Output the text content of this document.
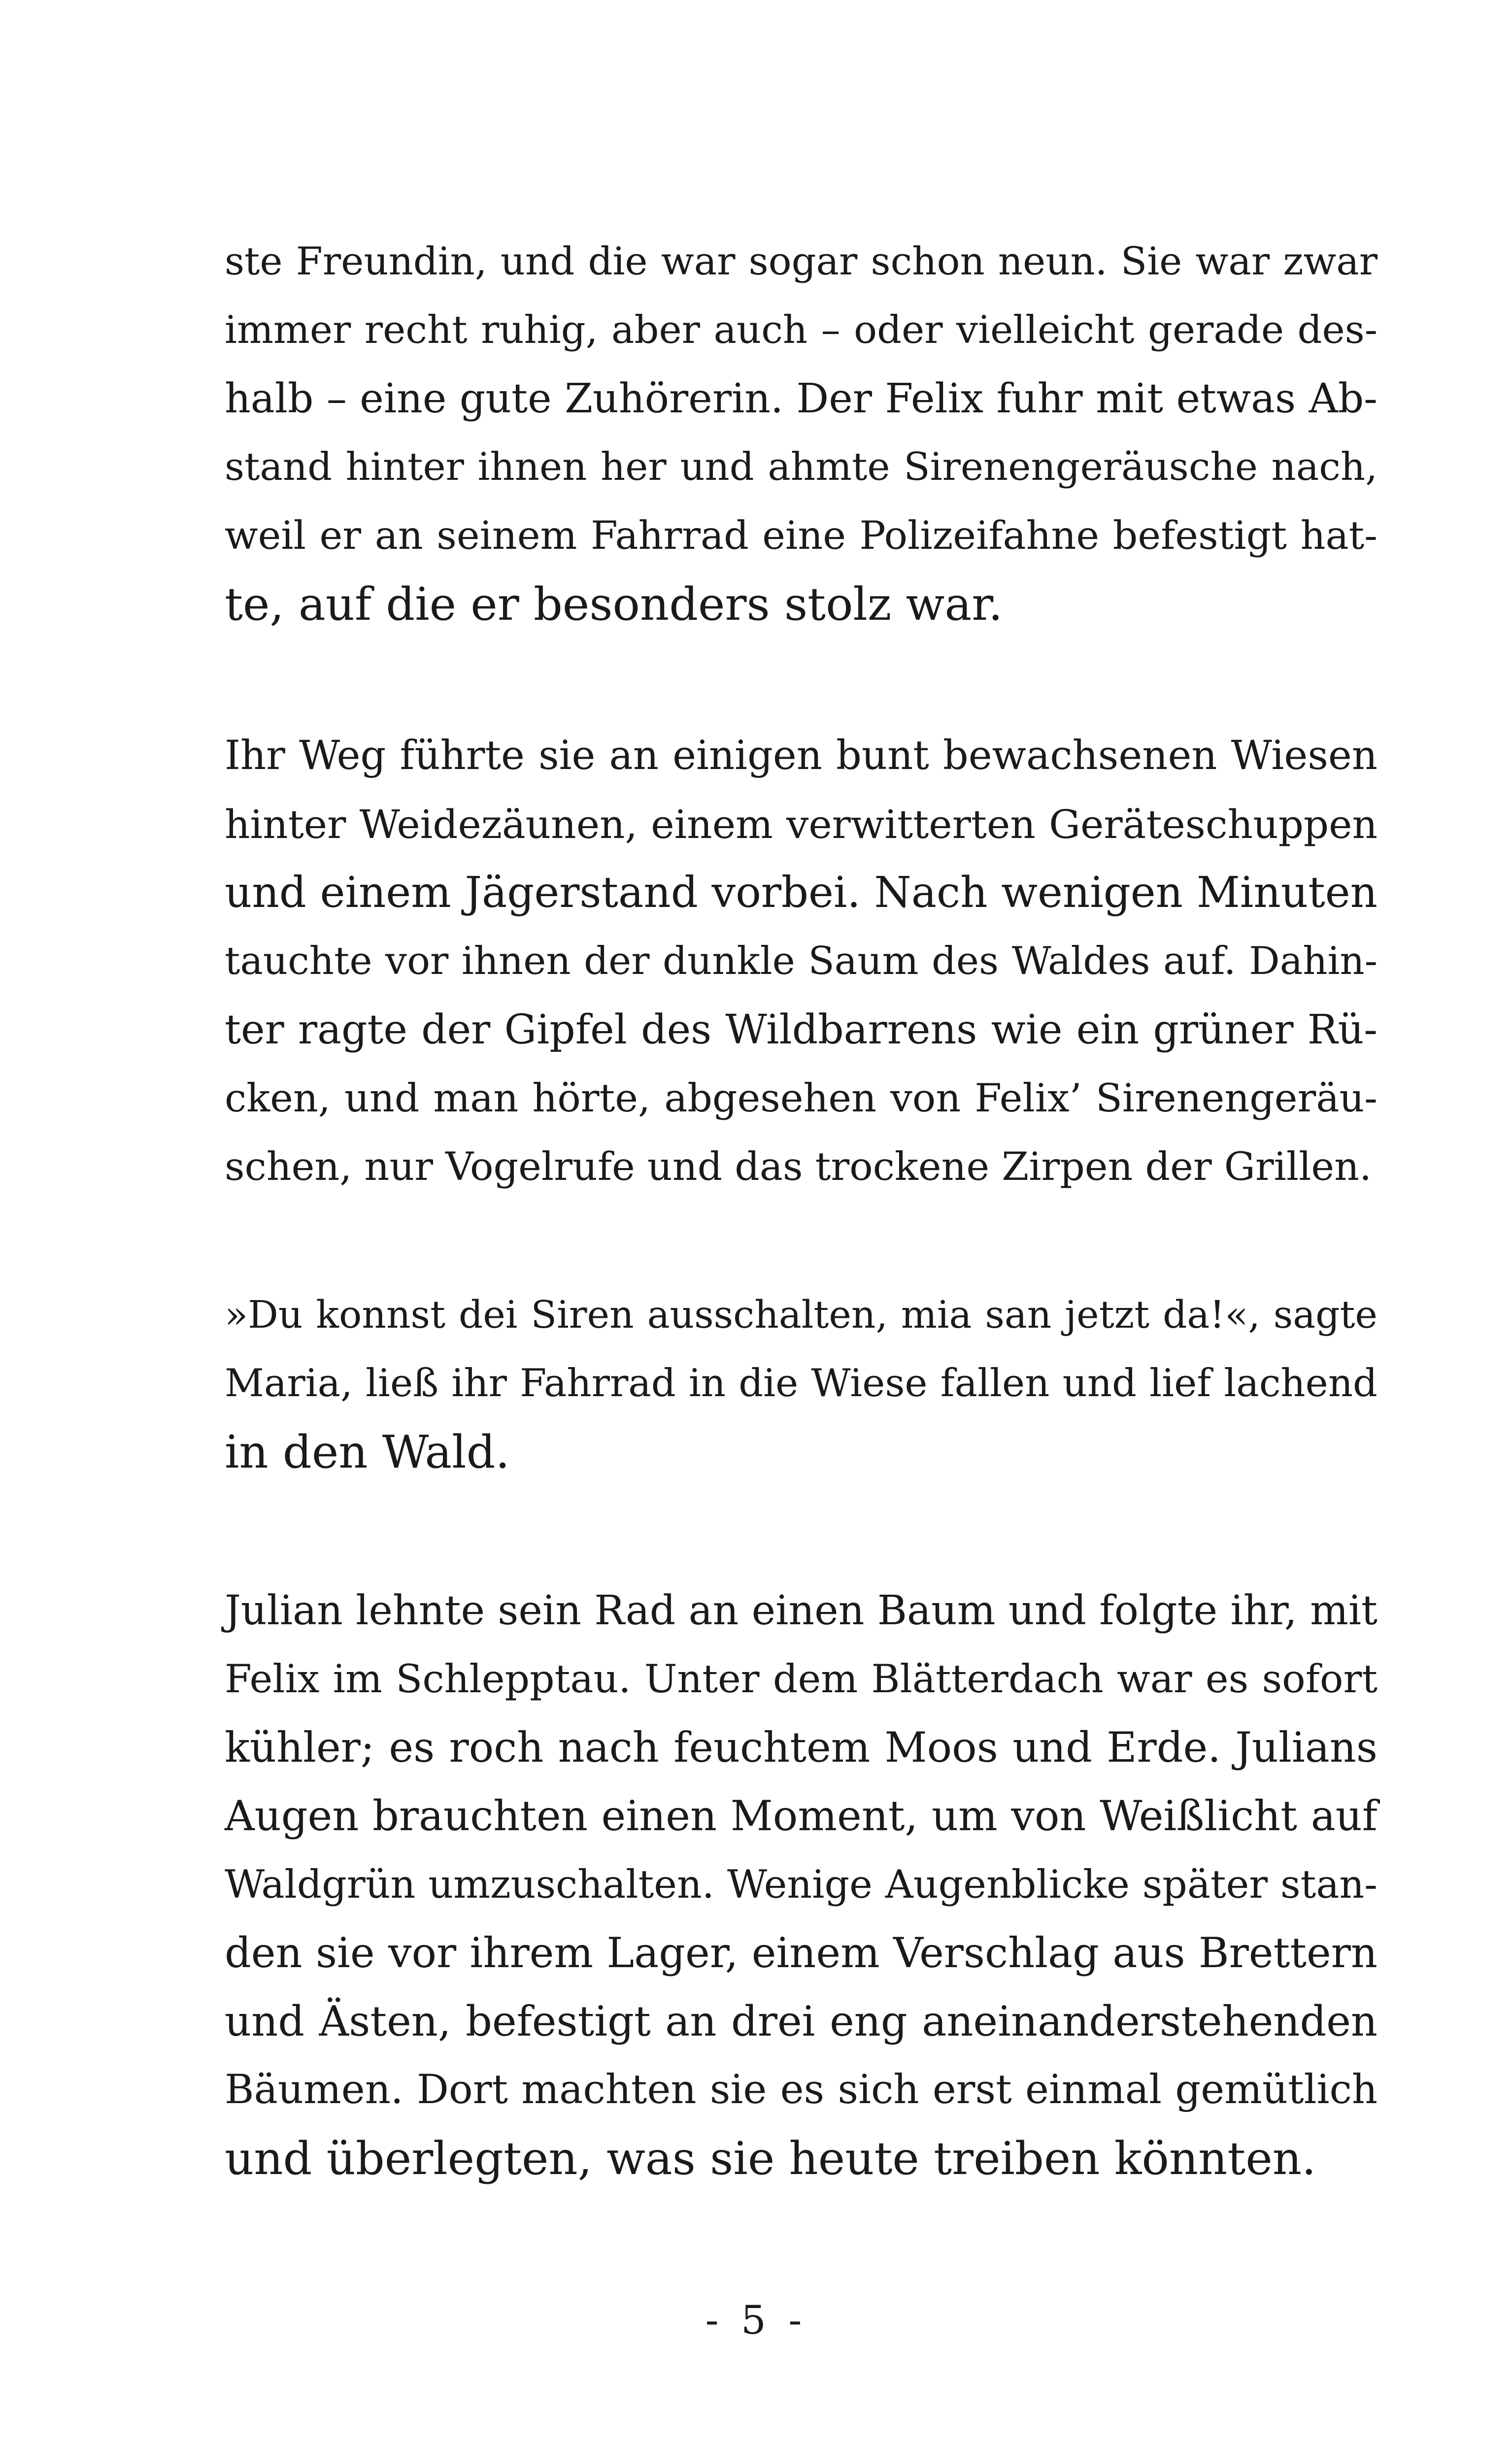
ste Freundin, und die war sogar schon neun. Sie war zwar
immer recht ruhig, aber auch – oder vielleicht gerade des-
halb – eine gute Zuhörerin. Der Felix fuhr mit etwas Ab-
stand hinter ihnen her und ahmte Sirenengeräusche nach,
weil er an seinem Fahrrad eine Polizeifahne befestigt hat-
te, auf die er besonders stolz war.
Ihr Weg führte sie an einigen bunt bewachsenen Wiesen
hinter Weidezäunen, einem verwitterten Geräteschuppen
und einem Jägerstand vorbei. Nach wenigen Minuten
tauchte vor ihnen der dunkle Saum des Waldes auf. Dahin-
ter ragte der Gipfel des Wildbarrens wie ein grüner Rü-
cken, und man hörte, abgesehen von Felix’ Sirenengeräu-
schen, nur Vogelrufe und das trockene Zirpen der Grillen.
»Du konnst dei Siren ausschalten, mia san jetzt da!«, sagte
Maria, ließ ihr Fahrrad in die Wiese fallen und lief lachend
in den Wald.
Julian lehnte sein Rad an einen Baum und folgte ihr, mit
Felix im Schlepptau. Unter dem Blätterdach war es sofort
kühler; es roch nach feuchtem Moos und Erde. Julians
Augen brauchten einen Moment, um von Weißlicht auf
Waldgrün umzuschalten. Wenige Augenblicke später stan-
den sie vor ihrem Lager, einem Verschlag aus Brettern
und Ästen, befestigt an drei eng aneinanderstehenden
Bäumen. Dort machten sie es sich erst einmal gemütlich
und überlegten, was sie heute treiben könnten.
- 5 -
